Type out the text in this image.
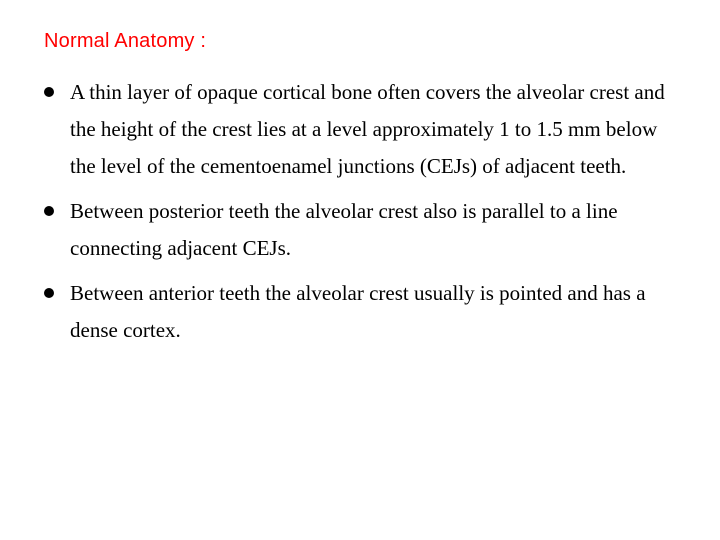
Normal Anatomy :
A thin layer of opaque cortical bone often covers the alveolar crest and the height of the crest lies at a level approximately 1 to 1.5 mm below the level of the cementoenamel junctions (CEJs) of adjacent teeth.
Between posterior teeth the alveolar crest also is parallel to a line connecting adjacent CEJs.
Between anterior teeth the alveolar crest usually is pointed and has a dense cortex.
